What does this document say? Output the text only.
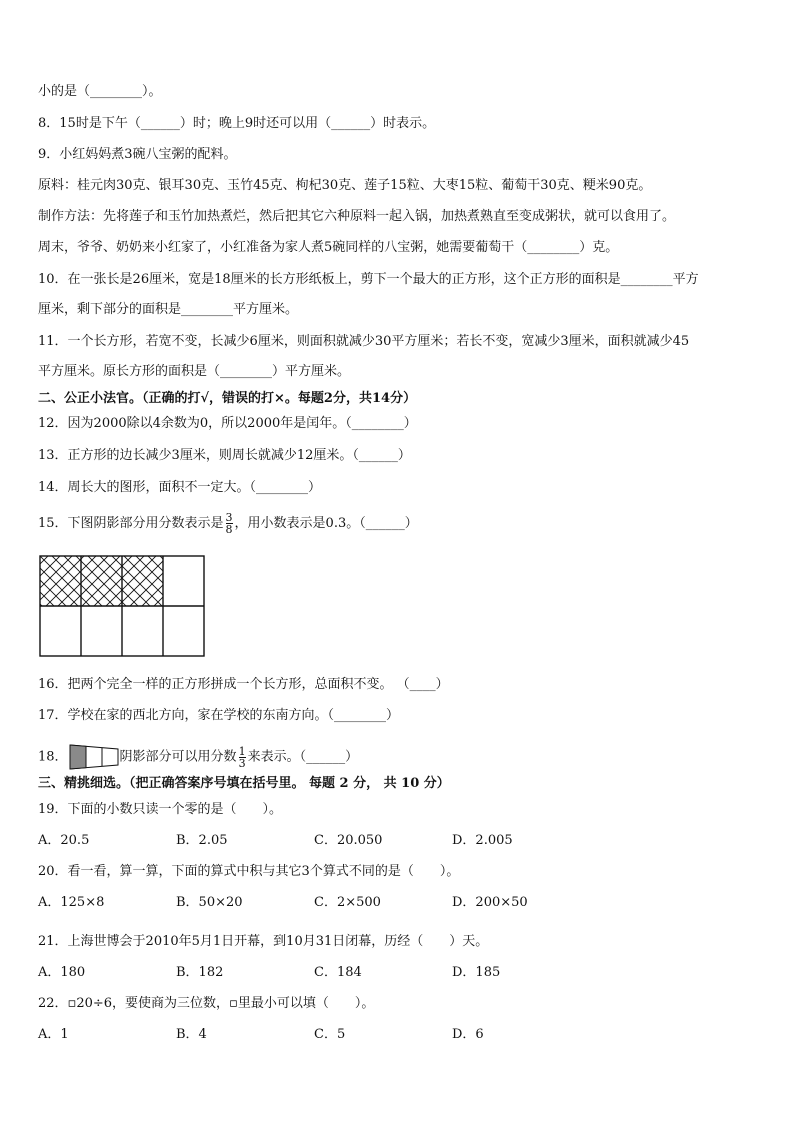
小的是（________）。
8．15时是下午（______）时；晚上9时还可以用（______）时表示。
9．小红妈妈煮3碗八宝粥的配料。
原料：桂元肉30克、银耳30克、玉竹45克、枸杞30克、莲子15粒、大枣15粒、葡萄干30克、粳米90克。
制作方法：先将莲子和玉竹加热煮烂，然后把其它六种原料一起入锅，加热煮熟直至变成粥状，就可以食用了。
周末，爷爷、奶奶来小红家了，小红准备为家人煮5碗同样的八宝粥，她需要葡萄干（________）克。
10．在一张长是26厘米，宽是18厘米的长方形纸板上，剪下一个最大的正方形，这个正方形的面积是________平方
厘米，剩下部分的面积是________平方厘米。
11．一个长方形，若宽不变，长减少6厘米，则面积就减少30平方厘米；若长不变，宽减少3厘米，面积就减少45
平方厘米。原长方形的面积是（________）平方厘米。
二、公正小法官。（正确的打√，错误的打×。每题2分，共14分）
12．因为2000除以4余数为0，所以2000年是闰年。（________）
13．正方形的边长减少3厘米，则周长就减少12厘米。（______）
14．周长大的图形，面积不一定大。（________）
15．下图阴影部分用分数表示是 $\frac{3}{8}$ ，用小数表示是0.3。（______）
16．把两个完全一样的正方形拼成一个长方形，总面积不变。 （____）
17．学校在家的西北方向，家在学校的东南方向。（________）
18．	阴影部分可以用分数 $\frac{1}{3}$ 来表示。（______）
三、精挑细选。（把正确答案序号填在括号里。 每题 2 分， 共 10 分）
19．下面的小数只读一个零的是（　　）。
A．20.5	B．2.05	C．20.050	D．2.005
20．看一看，算一算，下面的算式中积与其它3个算式不同的是（　　）。
A．125×8	B．50×20	C．2×500	D．200×50
21．上海世博会于2010年5月1日开幕，到10月31日闭幕，历经（　　）天。
A．180	B．182	C．184	D．185
22．▫20÷6，要使商为三位数，▫里最小可以填（　　）。
A．1	B．4	C．5	D．6
